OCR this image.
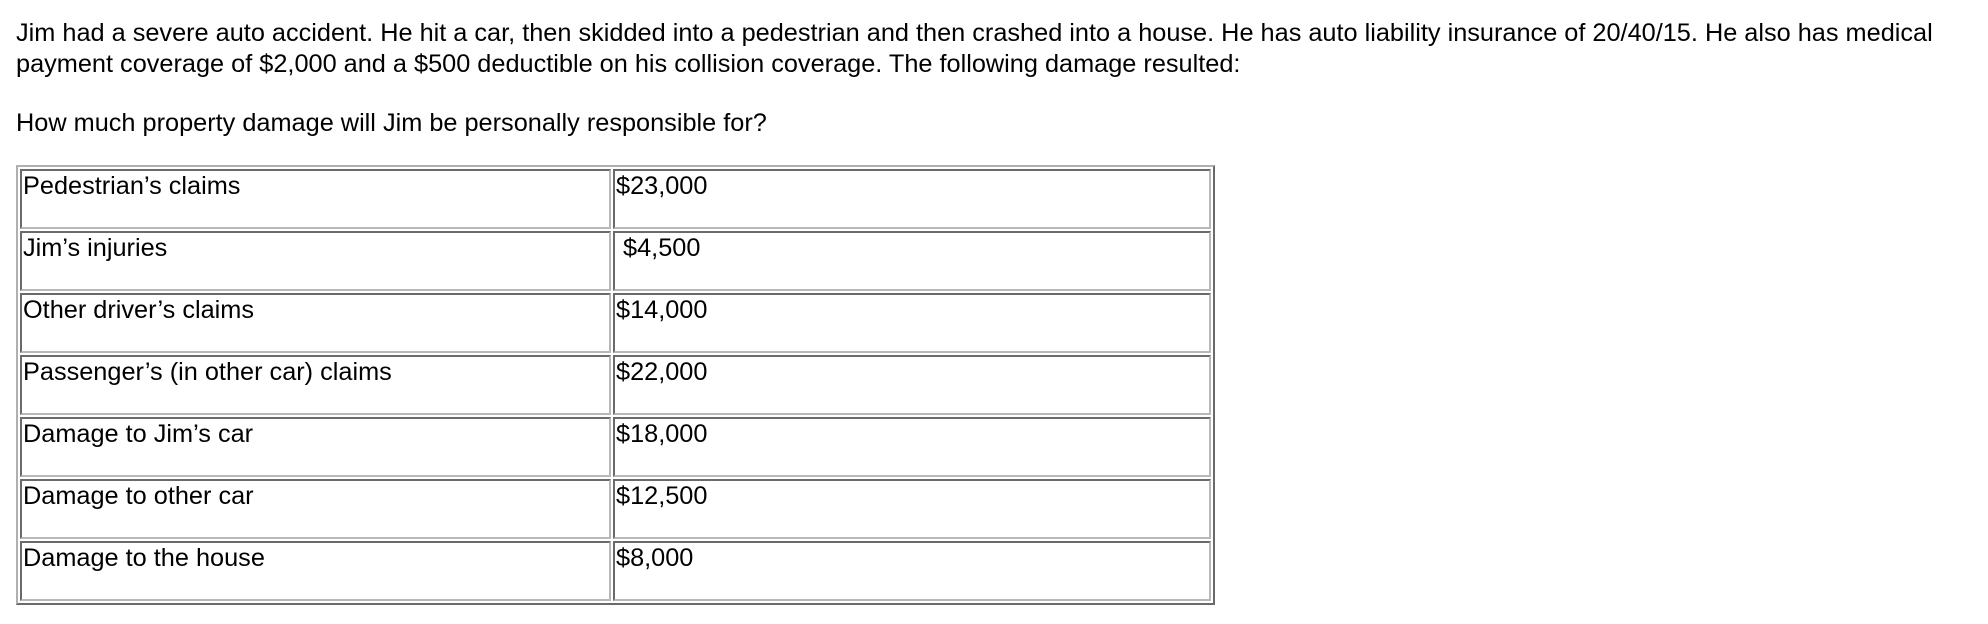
Jim had a severe auto accident. He hit a car, then skidded into a pedestrian and then crashed into a house. He has auto liability insurance of 20/40/15. He also has medical payment coverage of $2,000 and a $500 deductible on his collision coverage. The following damage resulted:

How much property damage will Jim be personally responsible for?

Pedestrian’s claims	$23,000
Jim’s injuries	$4,500
Other driver’s claims	$14,000
Passenger’s (in other car) claims	$22,000
Damage to Jim’s car	$18,000
Damage to other car	$12,500
Damage to the house	$8,000
